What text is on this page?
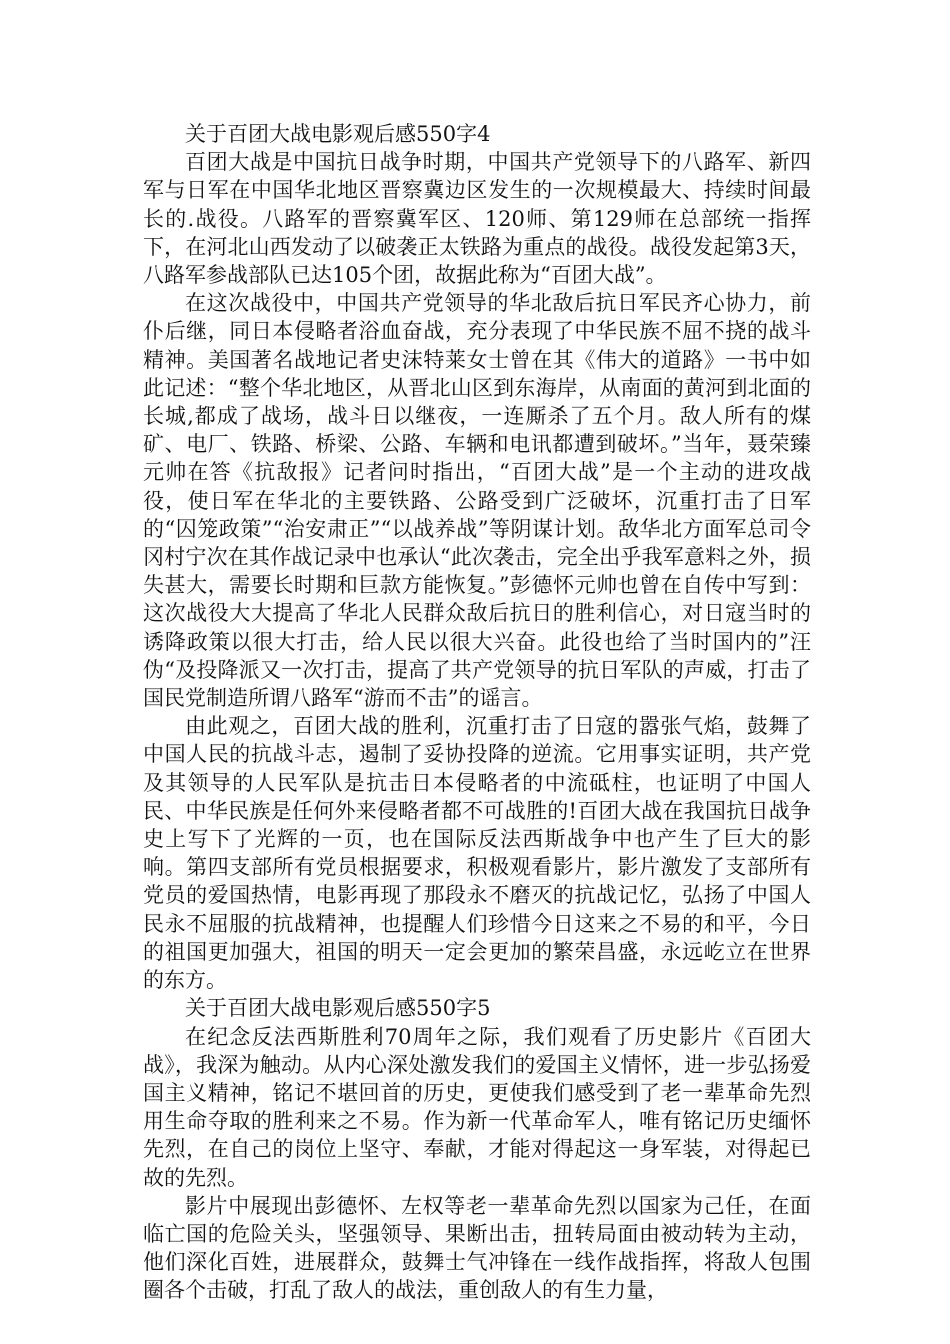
关于百团大战电影观后感550字4

百团大战是中国抗日战争时期，中国共产党领导下的八路军、新四军与日军在中国华北地区晋察冀边区发生的一次规模最大、持续时间最长的.战役。八路军的晋察冀军区、120师、第129师在总部统一指挥下，在河北山西发动了以破袭正太铁路为重点的战役。战役发起第3天，八路军参战部队已达105个团，故据此称为“百团大战”。

在这次战役中，中国共产党领导的华北敌后抗日军民齐心协力，前仆后继，同日本侵略者浴血奋战，充分表现了中华民族不屈不挠的战斗精神。美国著名战地记者史沫特莱女士曾在其《伟大的道路》一书中如此记述：“整个华北地区，从晋北山区到东海岸，从南面的黄河到北面的长城,都成了战场，战斗日以继夜，一连厮杀了五个月。敌人所有的煤矿、电厂、铁路、桥梁、公路、车辆和电讯都遭到破坏。”当年，聂荣臻元帅在答《抗敌报》记者问时指出，“百团大战”是一个主动的进攻战役，使日军在华北的主要铁路、公路受到广泛破坏，沉重打击了日军的“囚笼政策”“治安肃正”“以战养战”等阴谋计划。敌华北方面军总司令冈村宁次在其作战记录中也承认“此次袭击，完全出乎我军意料之外，损失甚大，需要长时期和巨款方能恢复。”彭德怀元帅也曾在自传中写到：这次战役大大提高了华北人民群众敌后抗日的胜利信心，对日寇当时的诱降政策以很大打击，给人民以很大兴奋。此役也给了当时国内的”汪伪“及投降派又一次打击，提高了共产党领导的抗日军队的声威，打击了国民党制造所谓八路军“游而不击”的谣言。

由此观之，百团大战的胜利，沉重打击了日寇的嚣张气焰，鼓舞了中国人民的抗战斗志，遏制了妥协投降的逆流。它用事实证明，共产党及其领导的人民军队是抗击日本侵略者的中流砥柱，也证明了中国人民、中华民族是任何外来侵略者都不可战胜的!百团大战在我国抗日战争史上写下了光辉的一页，也在国际反法西斯战争中也产生了巨大的影响。第四支部所有党员根据要求，积极观看影片，影片激发了支部所有党员的爱国热情，电影再现了那段永不磨灭的抗战记忆，弘扬了中国人民永不屈服的抗战精神，也提醒人们珍惜今日这来之不易的和平，今日的祖国更加强大，祖国的明天一定会更加的繁荣昌盛，永远屹立在世界的东方。

关于百团大战电影观后感550字5

在纪念反法西斯胜利70周年之际，我们观看了历史影片《百团大战》，我深为触动。从内心深处激发我们的爱国主义情怀，进一步弘扬爱国主义精神，铭记不堪回首的历史，更使我们感受到了老一辈革命先烈用生命夺取的胜利来之不易。作为新一代革命军人，唯有铭记历史缅怀先烈，在自己的岗位上坚守、奉献，才能对得起这一身军装，对得起已故的先烈。

影片中展现出彭德怀、左权等老一辈革命先烈以国家为己任，在面临亡国的危险关头，坚强领导、果断出击，扭转局面由被动转为主动，他们深化百姓，进展群众，鼓舞士气冲锋在一线作战指挥，将敌人包围圈各个击破，打乱了敌人的战法，重创敌人的有生力量，
